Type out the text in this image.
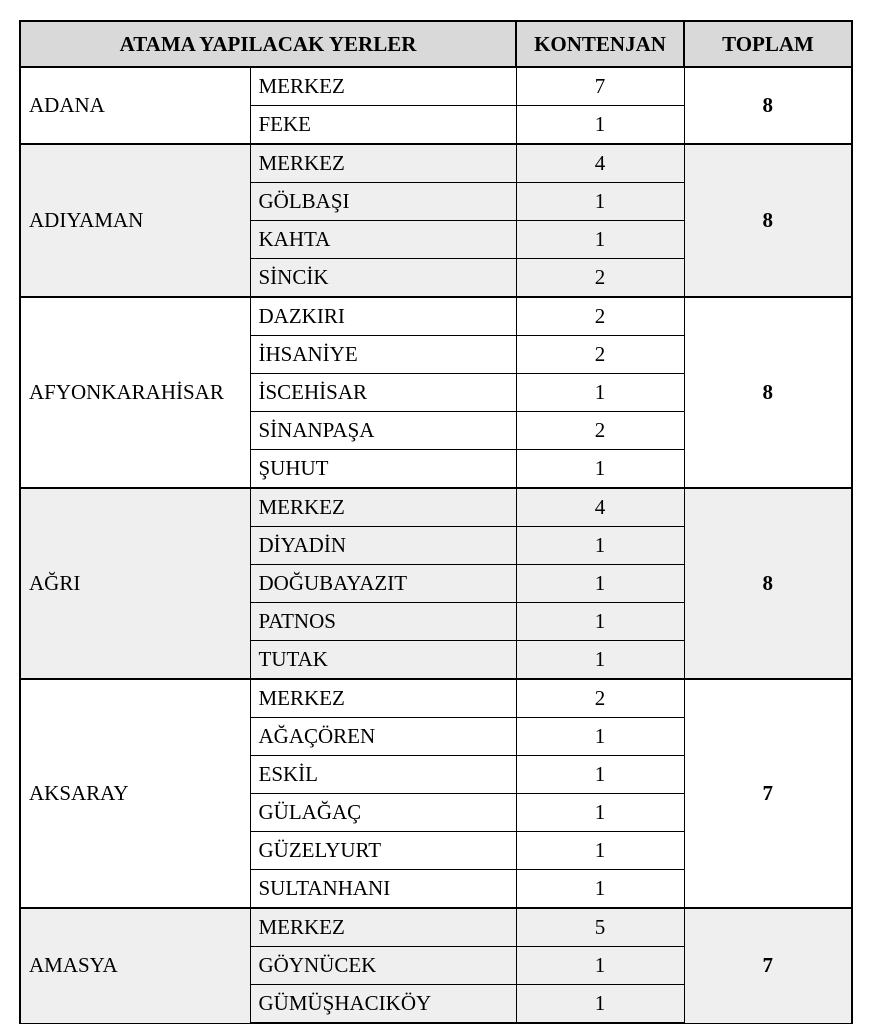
ATAMA YAPILACAK YERLER		KONTENJAN	TOPLAM
ADANA	MERKEZ	7	8
	FEKE	1	
ADIYAMAN	MERKEZ	4	8
	GÖLBAŞI	1	
	KAHTA	1	
	SİNCİK	2	
AFYONKARAHİSAR	DAZKIRI	2	8
	İHSANİYE	2	
	İSCEHİSAR	1	
	SİNANPAŞA	2	
	ŞUHUT	1	
AĞRI	MERKEZ	4	8
	DİYADİN	1	
	DOĞUBAYAZIT	1	
	PATNOS	1	
	TUTAK	1	
AKSARAY	MERKEZ	2	7
	AĞAÇÖREN	1	
	ESKİL	1	
	GÜLAĞAÇ	1	
	GÜZELYURT	1	
	SULTANHANI	1	
AMASYA	MERKEZ	5	7
	GÖYNÜCEK	1	
	GÜMÜŞHACIKÖY	1	
